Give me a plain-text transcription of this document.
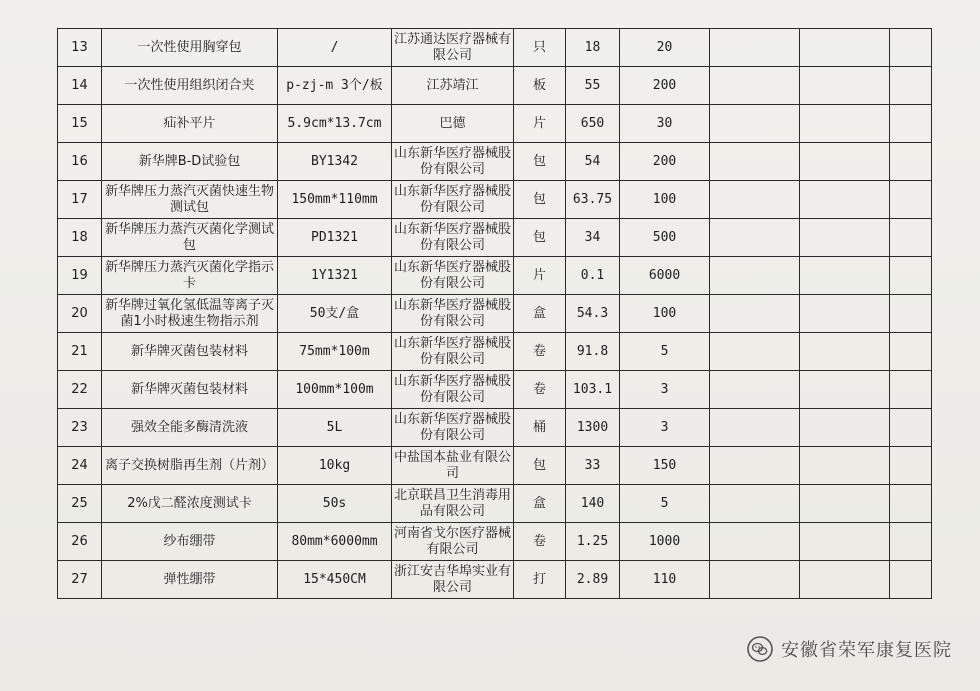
13	一次性使用胸穿包	/	江苏通达医疗器械有限公司	只	18	20			
14	一次性使用组织闭合夹	p-zj-m 3个/板	江苏靖江	板	55	200			
15	疝补平片	5.9cm*13.7cm	巴德	片	650	30			
16	新华牌B-D试验包	BY1342	山东新华医疗器械股份有限公司	包	54	200			
17	新华牌压力蒸汽灭菌快速生物测试包	150mm*110mm	山东新华医疗器械股份有限公司	包	63.75	100			
18	新华牌压力蒸汽灭菌化学测试包	PD1321	山东新华医疗器械股份有限公司	包	34	500			
19	新华牌压力蒸汽灭菌化学指示卡	1Y1321	山东新华医疗器械股份有限公司	片	0.1	6000			
20	新华牌过氧化氢低温等离子灭菌1小时极速生物指示剂	50支/盒	山东新华医疗器械股份有限公司	盒	54.3	100			
21	新华牌灭菌包装材料	75mm*100m	山东新华医疗器械股份有限公司	卷	91.8	5			
22	新华牌灭菌包装材料	100mm*100m	山东新华医疗器械股份有限公司	卷	103.1	3			
23	强效全能多酶清洗液	5L	山东新华医疗器械股份有限公司	桶	1300	3			
24	离子交换树脂再生剂（片剂）	10kg	中盐国本盐业有限公司	包	33	150			
25	2%戊二醛浓度测试卡	50s	北京联昌卫生消毒用品有限公司	盒	140	5			
26	纱布绷带	80mm*6000mm	河南省戈尔医疗器械有限公司	卷	1.25	1000			
27	弹性绷带	15*450CM	浙江安吉华埠实业有限公司	打	2.89	110			
安徽省荣军康复医院
